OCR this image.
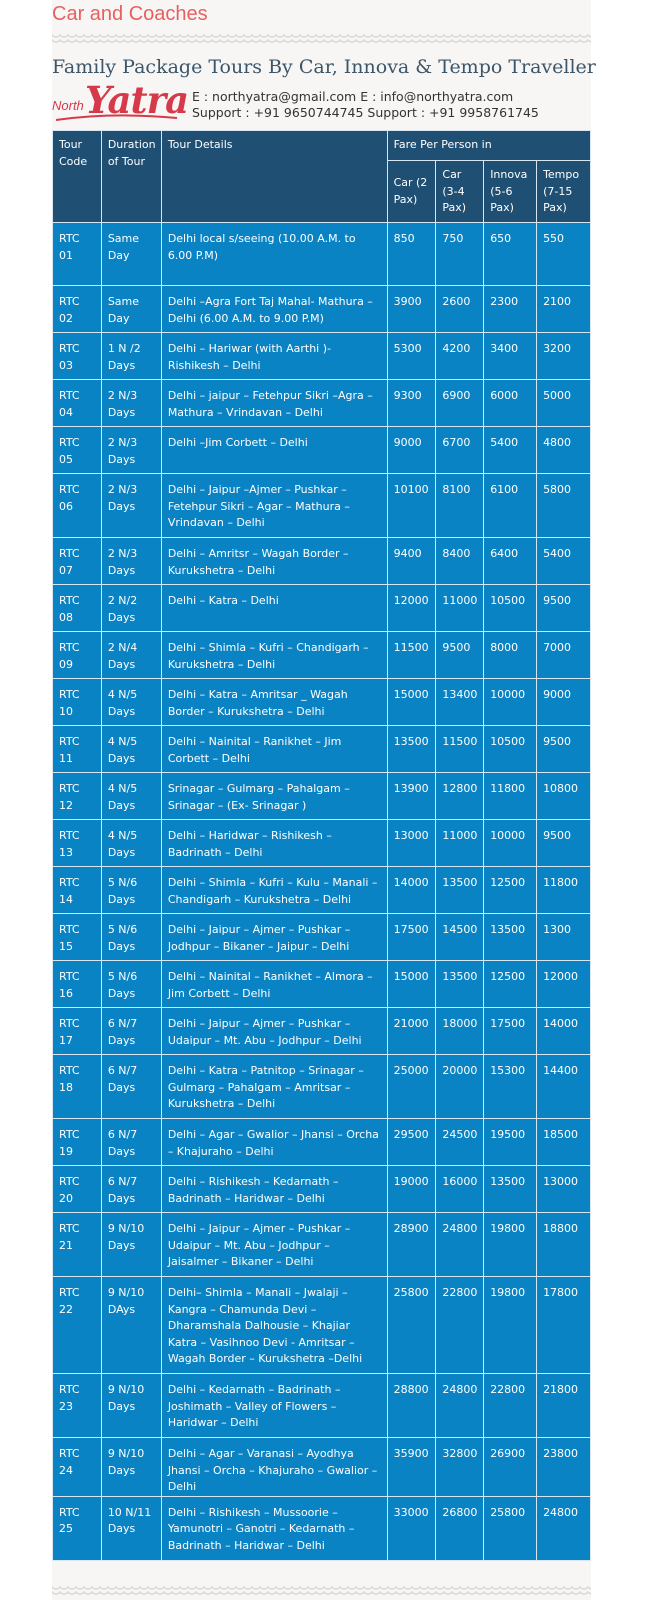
Car and Coaches
Family Package Tours By Car, Innova & Tempo Traveller
North Yatra E : northyatra@gmail.com E : info@northyatra.com
Support : +91 9650744745 Support : +91 9958761745
Tour Code	Duration of Tour	Tour Details	Fare Per Person in			
			Car (2 Pax)	Car (3-4 Pax)	Innova (5-6 Pax)	Tempo (7-15 Pax)
RTC 01	Same Day	Delhi local s/seeing (10.00 A.M. to 6.00 P.M)	850	750	650	550
RTC 02	Same Day	Delhi –Agra Fort Taj Mahal- Mathura – Delhi (6.00 A.M. to 9.00 P.M)	3900	2600	2300	2100
RTC 03	1 N /2 Days	Delhi – Hariwar (with Aarthi )- Rishikesh – Delhi	5300	4200	3400	3200
RTC 04	2 N/3 Days	Delhi – jaipur – Fetehpur Sikri –Agra – Mathura – Vrindavan – Delhi	9300	6900	6000	5000
RTC 05	2 N/3 Days	Delhi –Jim Corbett – Delhi	9000	6700	5400	4800
RTC 06	2 N/3 Days	Delhi – Jaipur –Ajmer – Pushkar – Fetehpur Sikri – Agar – Mathura – Vrindavan – Delhi	10100	8100	6100	5800
RTC 07	2 N/3 Days	Delhi – Amritsr – Wagah Border – Kurukshetra – Delhi	9400	8400	6400	5400
RTC 08	2 N/2 Days	Delhi – Katra – Delhi	12000	11000	10500	9500
RTC 09	2 N/4 Days	Delhi – Shimla – Kufri – Chandigarh – Kurukshetra – Delhi	11500	9500	8000	7000
RTC 10	4 N/5 Days	Delhi – Katra – Amritsar _ Wagah Border – Kurukshetra – Delhi	15000	13400	10000	9000
RTC 11	4 N/5 Days	Delhi – Nainital – Ranikhet – Jim Corbett – Delhi	13500	11500	10500	9500
RTC 12	4 N/5 Days	Srinagar – Gulmarg – Pahalgam – Srinagar – (Ex- Srinagar )	13900	12800	11800	10800
RTC 13	4 N/5 Days	Delhi – Haridwar – Rishikesh – Badrinath – Delhi	13000	11000	10000	9500
RTC 14	5 N/6 Days	Delhi – Shimla – Kufri – Kulu – Manali – Chandigarh – Kurukshetra – Delhi	14000	13500	12500	11800
RTC 15	5 N/6 Days	Delhi – Jaipur – Ajmer – Pushkar – Jodhpur – Bikaner – Jaipur – Delhi	17500	14500	13500	1300
RTC 16	5 N/6 Days	Delhi – Nainital – Ranikhet – Almora – Jim Corbett – Delhi	15000	13500	12500	12000
RTC 17	6 N/7 Days	Delhi – Jaipur – Ajmer – Pushkar – Udaipur – Mt. Abu – Jodhpur – Delhi	21000	18000	17500	14000
RTC 18	6 N/7 Days	Delhi – Katra – Patnitop – Srinagar – Gulmarg – Pahalgam – Amritsar – Kurukshetra – Delhi	25000	20000	15300	14400
RTC 19	6 N/7 Days	Delhi – Agar – Gwalior – Jhansi – Orcha – Khajuraho – Delhi	29500	24500	19500	18500
RTC 20	6 N/7 Days	Delhi – Rishikesh – Kedarnath – Badrinath – Haridwar – Delhi	19000	16000	13500	13000
RTC 21	9 N/10 Days	Delhi – Jaipur – Ajmer – Pushkar – Udaipur – Mt. Abu – Jodhpur – Jaisalmer – Bikaner – Delhi	28900	24800	19800	18800
RTC 22	9 N/10 DAys	Delhi– Shimla – Manali – Jwalaji – Kangra – Chamunda Devi – Dharamshala Dalhousie – Khajiar Katra – Vasihnoo Devi - Amritsar – Wagah Border – Kurukshetra –Delhi	25800	22800	19800	17800
RTC 23	9 N/10 Days	Delhi – Kedarnath – Badrinath – Joshimath – Valley of Flowers – Haridwar – Delhi	28800	24800	22800	21800
RTC 24	9 N/10 Days	Delhi – Agar – Varanasi – Ayodhya Jhansi – Orcha – Khajuraho – Gwalior – Delhi	35900	32800	26900	23800
RTC 25	10 N/11 Days	Delhi – Rishikesh – Mussoorie – Yamunotri – Ganotri – Kedarnath – Badrinath – Haridwar – Delhi	33000	26800	25800	24800
